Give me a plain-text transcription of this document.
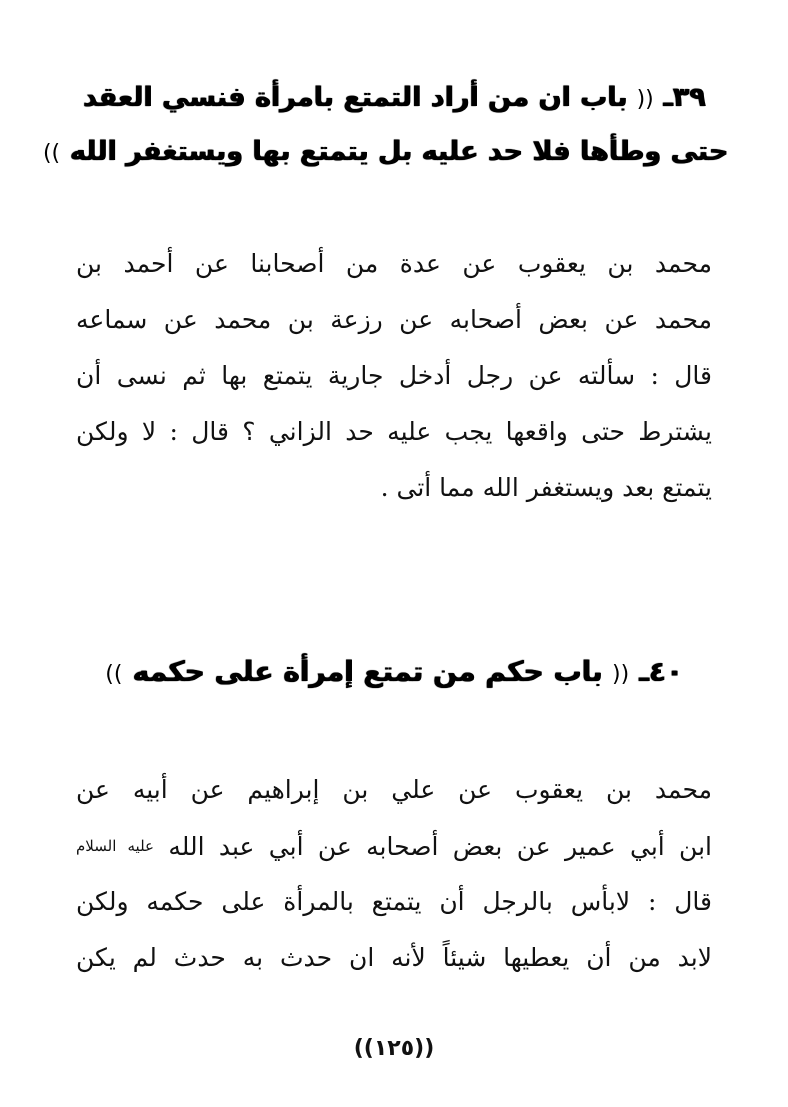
٣٩ـ (( باب ان من أراد التمتع بامرأة فنسي العقد
حتى وطأها فلا حد عليه بل يتمتع بها ويستغفر الله ))
محمد بن يعقوب عن عدة من أصحابنا عن أحمد بن
محمد عن بعض أصحابه عن رزعة بن محمد عن سماعه
قال : سألته عن رجل أدخل جارية يتمتع بها ثم نسى أن
يشترط حتى واقعها يجب عليه حد الزاني ؟ قال : لا ولكن
يتمتع بعد ويستغفر الله مما أتى .
٤٠ـ (( باب حكم من تمتع إمرأة على حكمه ))
محمد بن يعقوب عن علي بن إبراهيم عن أبيه عن
ابن أبي عمير عن بعض أصحابه عن أبي عبد الله عليه السلام
قال : لابأس بالرجل أن يتمتع بالمرأة على حكمه ولكن
لابد من أن يعطيها شيئاً لأنه ان حدث به حدث لم يكن
((١٢٥))
